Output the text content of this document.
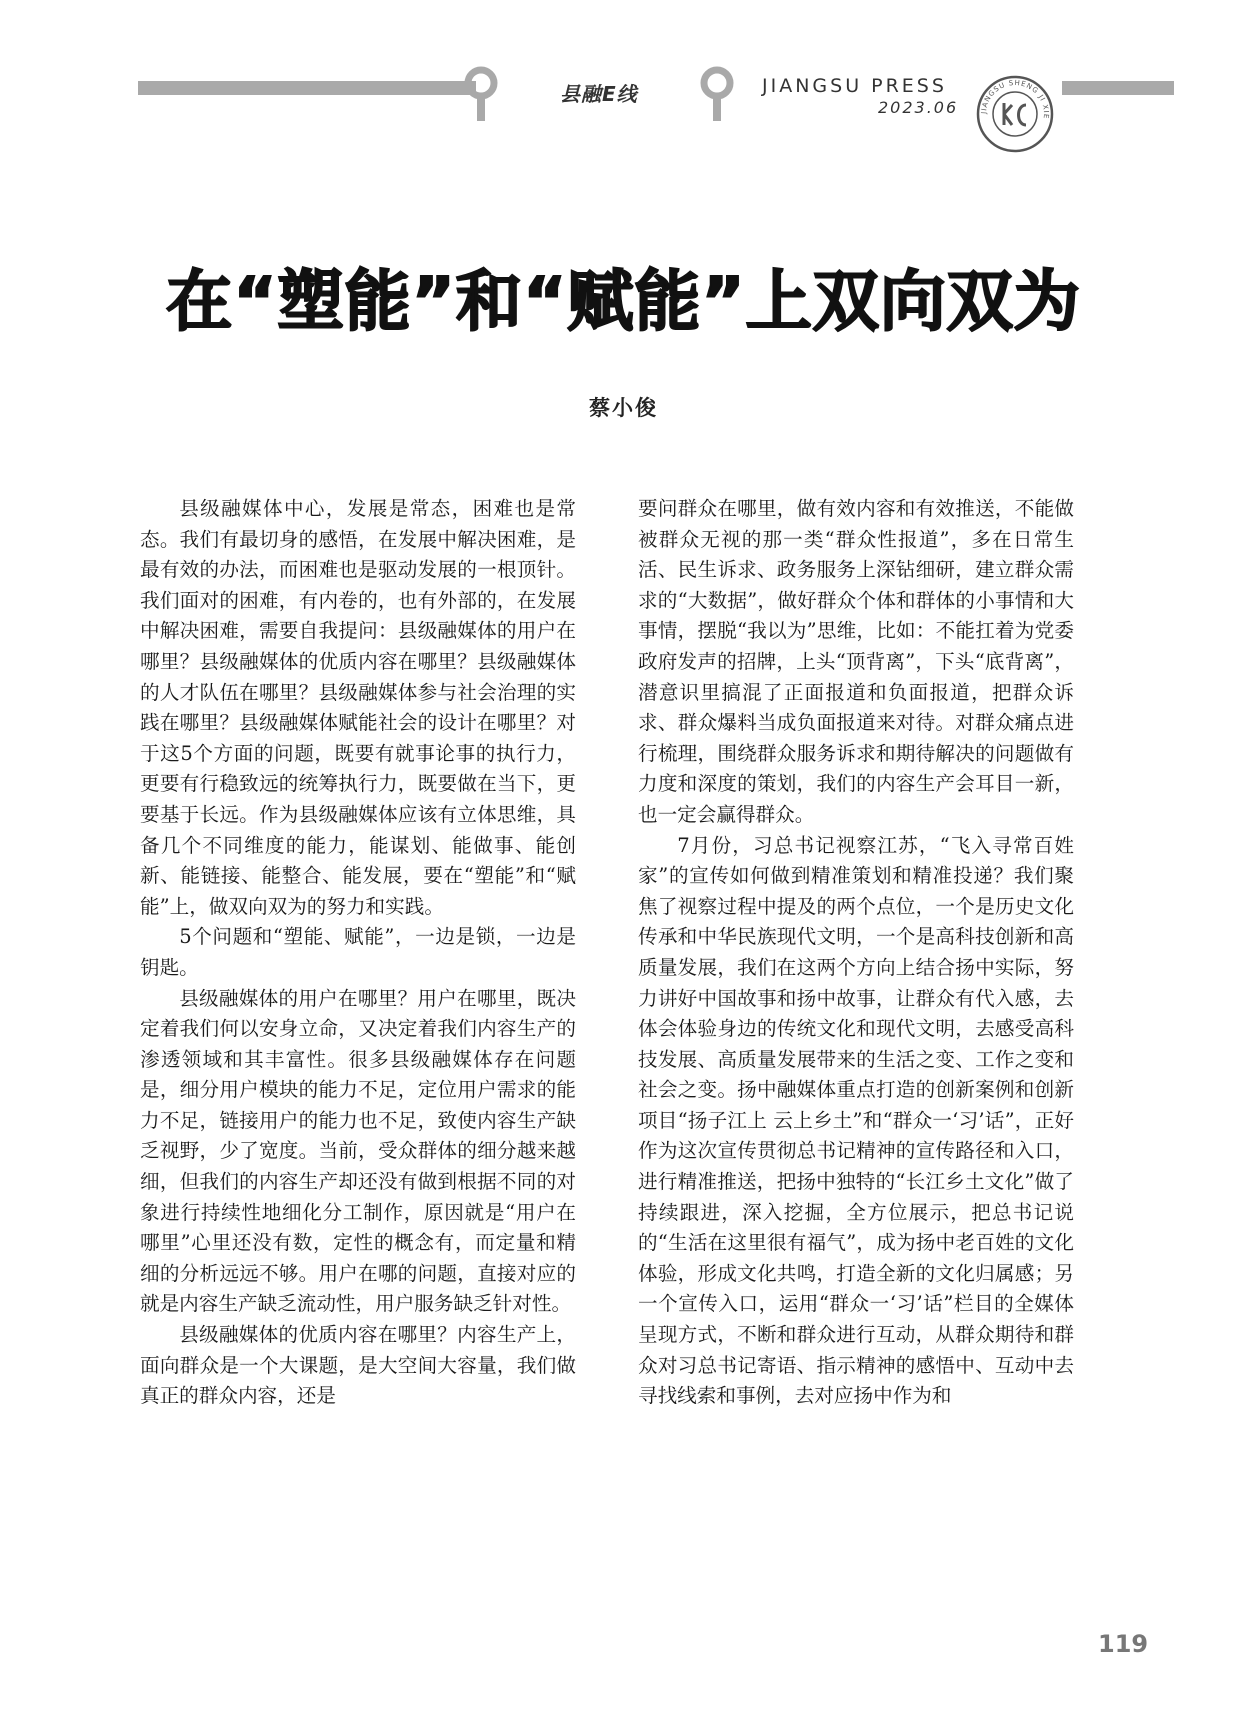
县融E线	JIANGSU PRESS
2023.06	JIANGSU SHENG JI XIE
在“塑能”和“赋能”上双向双为
蔡小俊

县级融媒体中心，发展是常态，困难也是常态。我们有最切身的感悟，在发展中解决困难，是最有效的办法，而困难也是驱动发展的一根顶针。我们面对的困难，有内卷的，也有外部的，在发展中解决困难，需要自我提问：县级融媒体的用户在哪里？县级融媒体的优质内容在哪里？县级融媒体的人才队伍在哪里？县级融媒体参与社会治理的实践在哪里？县级融媒体赋能社会的设计在哪里？对于这5个方面的问题，既要有就事论事的执行力，更要有行稳致远的统筹执行力，既要做在当下，更要基于长远。作为县级融媒体应该有立体思维，具备几个不同维度的能力，能谋划、能做事、能创新、能链接、能整合、能发展，要在“塑能”和“赋能”上，做双向双为的努力和实践。

5个问题和“塑能、赋能”，一边是锁，一边是钥匙。

县级融媒体的用户在哪里？用户在哪里，既决定着我们何以安身立命，又决定着我们内容生产的渗透领域和其丰富性。很多县级融媒体存在问题是，细分用户模块的能力不足，定位用户需求的能力不足，链接用户的能力也不足，致使内容生产缺乏视野，少了宽度。当前，受众群体的细分越来越细，但我们的内容生产却还没有做到根据不同的对象进行持续性地细化分工制作，原因就是“用户在哪里”心里还没有数，定性的概念有，而定量和精细的分析远远不够。用户在哪的问题，直接对应的就是内容生产缺乏流动性，用户服务缺乏针对性。

县级融媒体的优质内容在哪里？内容生产上，面向群众是一个大课题，是大空间大容量，我们做真正的群众内容，还是

要问群众在哪里，做有效内容和有效推送，不能做被群众无视的那一类“群众性报道”，多在日常生活、民生诉求、政务服务上深钻细研，建立群众需求的“大数据”，做好群众个体和群体的小事情和大事情，摆脱“我以为”思维，比如：不能扛着为党委政府发声的招牌，上头“顶背离”，下头“底背离”，潜意识里搞混了正面报道和负面报道，把群众诉求、群众爆料当成负面报道来对待。对群众痛点进行梳理，围绕群众服务诉求和期待解决的问题做有力度和深度的策划，我们的内容生产会耳目一新，也一定会赢得群众。

7月份，习总书记视察江苏，“飞入寻常百姓家”的宣传如何做到精准策划和精准投递？我们聚焦了视察过程中提及的两个点位，一个是历史文化传承和中华民族现代文明，一个是高科技创新和高质量发展，我们在这两个方向上结合扬中实际，努力讲好中国故事和扬中故事，让群众有代入感，去体会体验身边的传统文化和现代文明，去感受高科技发展、高质量发展带来的生活之变、工作之变和社会之变。扬中融媒体重点打造的创新案例和创新项目“扬子江上 云上乡土”和“群众一‘习’话”，正好作为这次宣传贯彻总书记精神的宣传路径和入口，进行精准推送，把扬中独特的“长江乡土文化”做了持续跟进，深入挖掘，全方位展示，把总书记说的“生活在这里很有福气”，成为扬中老百姓的文化体验，形成文化共鸣，打造全新的文化归属感；另一个宣传入口，运用“群众一‘习’话”栏目的全媒体呈现方式，不断和群众进行互动，从群众期待和群众对习总书记寄语、指示精神的感悟中、互动中去寻找线索和事例，去对应扬中作为和

119
